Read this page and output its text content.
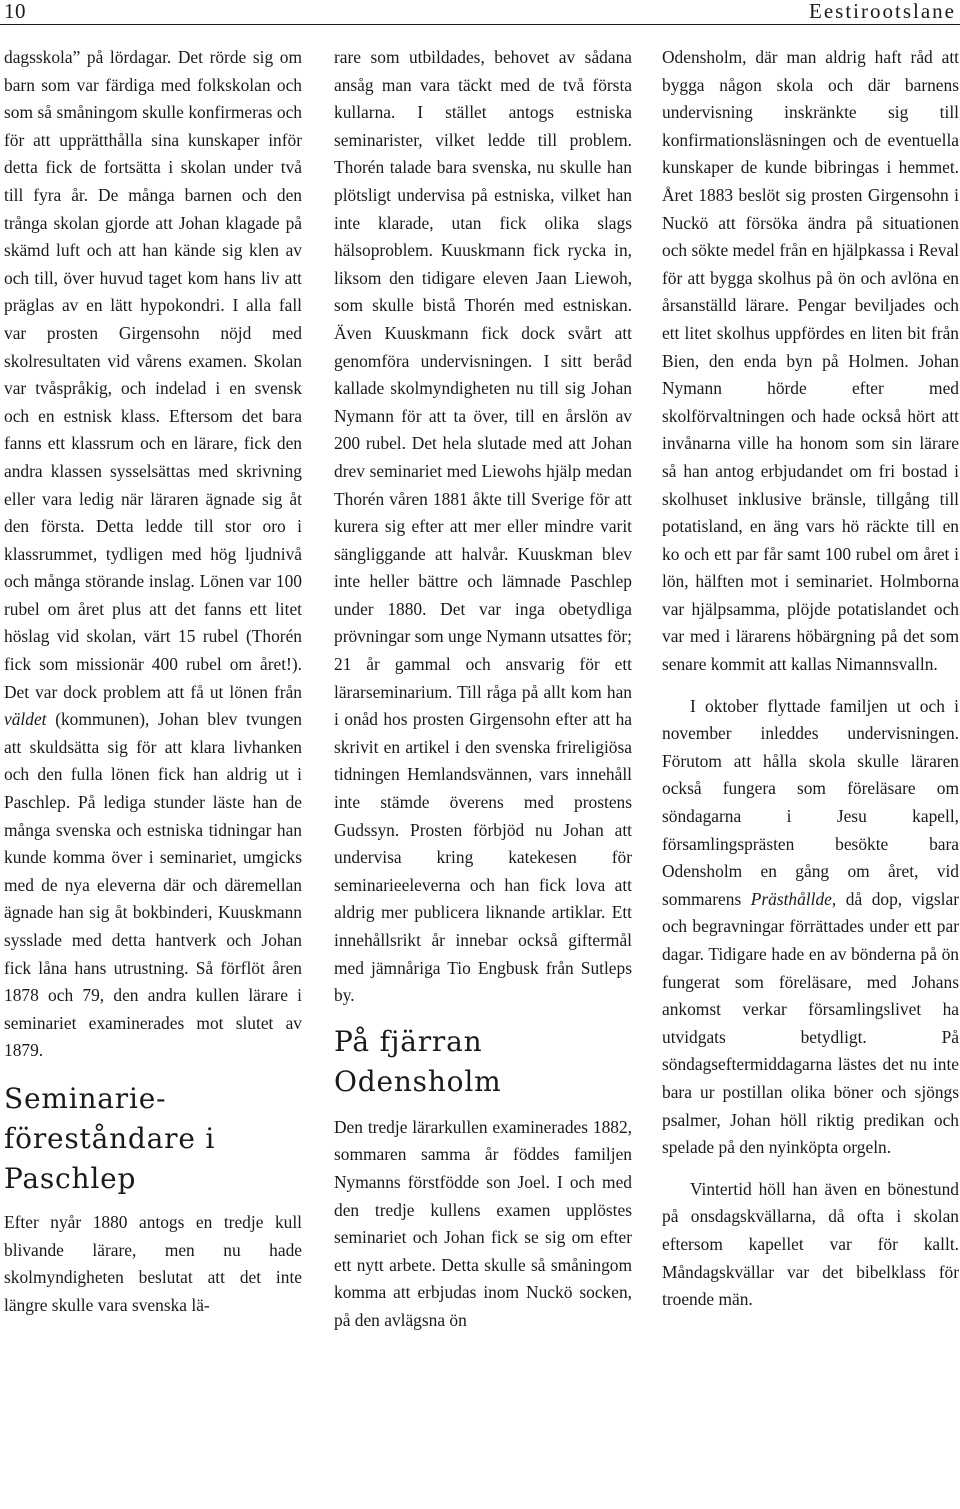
10	Eestirootslane

dagsskola” på lördagar. Det rörde sig om barn som var färdiga med folkskolan och som så småningom skulle konfirmeras och för att upprätthålla sina kunskaper inför detta fick de fortsätta i skolan under två till fyra år. De många barnen och den trånga skolan gjorde att Johan klagade på skämd luft och att han kände sig klen av och till, över huvud taget kom hans liv att präglas av en lätt hypokondri. I alla fall var prosten Girgensohn nöjd med skolresultaten vid vårens examen. Skolan var tvåspråkig, och indelad i en svensk och en estnisk klass. Eftersom det bara fanns ett klassrum och en lärare, fick den andra klassen sysselsättas med skrivning eller vara ledig när läraren ägnade sig åt den första. Detta ledde till stor oro i klassrummet, tydligen med hög ljudnivå och många störande inslag. Lönen var 100 rubel om året plus att det fanns ett litet höslag vid skolan, värt 15 rubel (Thorén fick som missionär 400 rubel om året!). Det var dock problem att få ut lönen från väldet (kommunen), Johan blev tvungen att skuldsätta sig för att klara livhanken och den fulla lönen fick han aldrig ut i Paschlep. På lediga stunder läste han de många svenska och estniska tidningar han kunde komma över i seminariet, umgicks med de nya eleverna där och däremellan ägnade han sig åt bokbinderi, Kuuskmann sysslade med detta hantverk och Johan fick låna hans utrustning. Så förflöt åren 1878 och 79, den andra kullen lärare i seminariet examinerades mot slutet av 1879.

Seminarieföreståndare i Paschlep

Efter nyår 1880 antogs en tredje kull blivande lärare, men nu hade skolmyndigheten beslutat att det inte längre skulle vara svenska lä-

rare som utbildades, behovet av sådana ansåg man vara täckt med de två första kullarna. I stället antogs estniska seminarister, vilket ledde till problem. Thorén talade bara svenska, nu skulle han plötsligt undervisa på estniska, vilket han inte klarade, utan fick olika slags hälsoproblem. Kuuskmann fick rycka in, liksom den tidigare eleven Jaan Liewoh, som skulle bistå Thorén med estniskan. Även Kuuskmann fick dock svårt att genomföra undervisningen. I sitt beråd kallade skolmyndigheten nu till sig Johan Nymann för att ta över, till en årslön av 200 rubel. Det hela slutade med att Johan drev seminariet med Liewohs hjälp medan Thorén våren 1881 åkte till Sverige för att kurera sig efter att mer eller mindre varit sängliggande att halvår. Kuuskman blev inte heller bättre och lämnade Paschlep under 1880. Det var inga obetydliga prövningar som unge Nymann utsattes för; 21 år gammal och ansvarig för ett lärarseminarium. Till råga på allt kom han i onåd hos prosten Girgensohn efter att ha skrivit en artikel i den svenska frireligiösa tidningen Hemlandsvännen, vars innehåll inte stämde överens med prostens Gudssyn. Prosten förbjöd nu Johan att undervisa kring katekesen för seminarieeleverna och han fick lova att aldrig mer publicera liknande artiklar. Ett innehållsrikt år innebar också giftermål med jämnåriga Tio Engbusk från Sutleps by.

På fjärran Odensholm

Den tredje lärarkullen examinerades 1882, sommaren samma år föddes familjen Nymanns förstfödde son Joel. I och med den tredje kullens examen upplöstes seminariet och Johan fick se sig om efter ett nytt arbete. Detta skulle så småningom komma att erbjudas inom Nuckö socken, på den avlägsna ön

Odensholm, där man aldrig haft råd att bygga någon skola och där barnens undervisning inskränkte sig till konfirmationsläsningen och de eventuella kunskaper de kunde bibringas i hemmet. Året 1883 beslöt sig prosten Girgensohn i Nuckö att försöka ändra på situationen och sökte medel från en hjälpkassa i Reval för att bygga skolhus på ön och avlöna en årsanställd lärare. Pengar beviljades och ett litet skolhus uppfördes en liten bit från Bien, den enda byn på Holmen. Johan Nymann hörde efter med skolförvaltningen och hade också hört att invånarna ville ha honom som sin lärare så han antog erbjudandet om fri bostad i skolhuset inklusive bränsle, tillgång till potatisland, en äng vars hö räckte till en ko och ett par får samt 100 rubel om året i lön, hälften mot i seminariet. Holmborna var hjälpsamma, plöjde potatislandet och var med i lärarens höbärgning på det som senare kommit att kallas Nimannsvalln.

I oktober flyttade familjen ut och i november inleddes undervisningen. Förutom att hålla skola skulle läraren också fungera som föreläsare om söndagarna i Jesu kapell, församlingsprästen besökte bara Odensholm en gång om året, vid sommarens Prästhållde, då dop, vigslar och begravningar förrättades under ett par dagar. Tidigare hade en av bönderna på ön fungerat som föreläsare, med Johans ankomst verkar församlingslivet ha utvidgats betydligt. På söndagseftermiddagarna lästes det nu inte bara ur postillan olika böner och sjöngs psalmer, Johan höll riktig predikan och spelade på den nyinköpta orgeln.

Vintertid höll han även en bönestund på onsdagskvällarna, då ofta i skolan eftersom kapellet var för kallt. Måndagskvällar var det bibelklass för troende män.
